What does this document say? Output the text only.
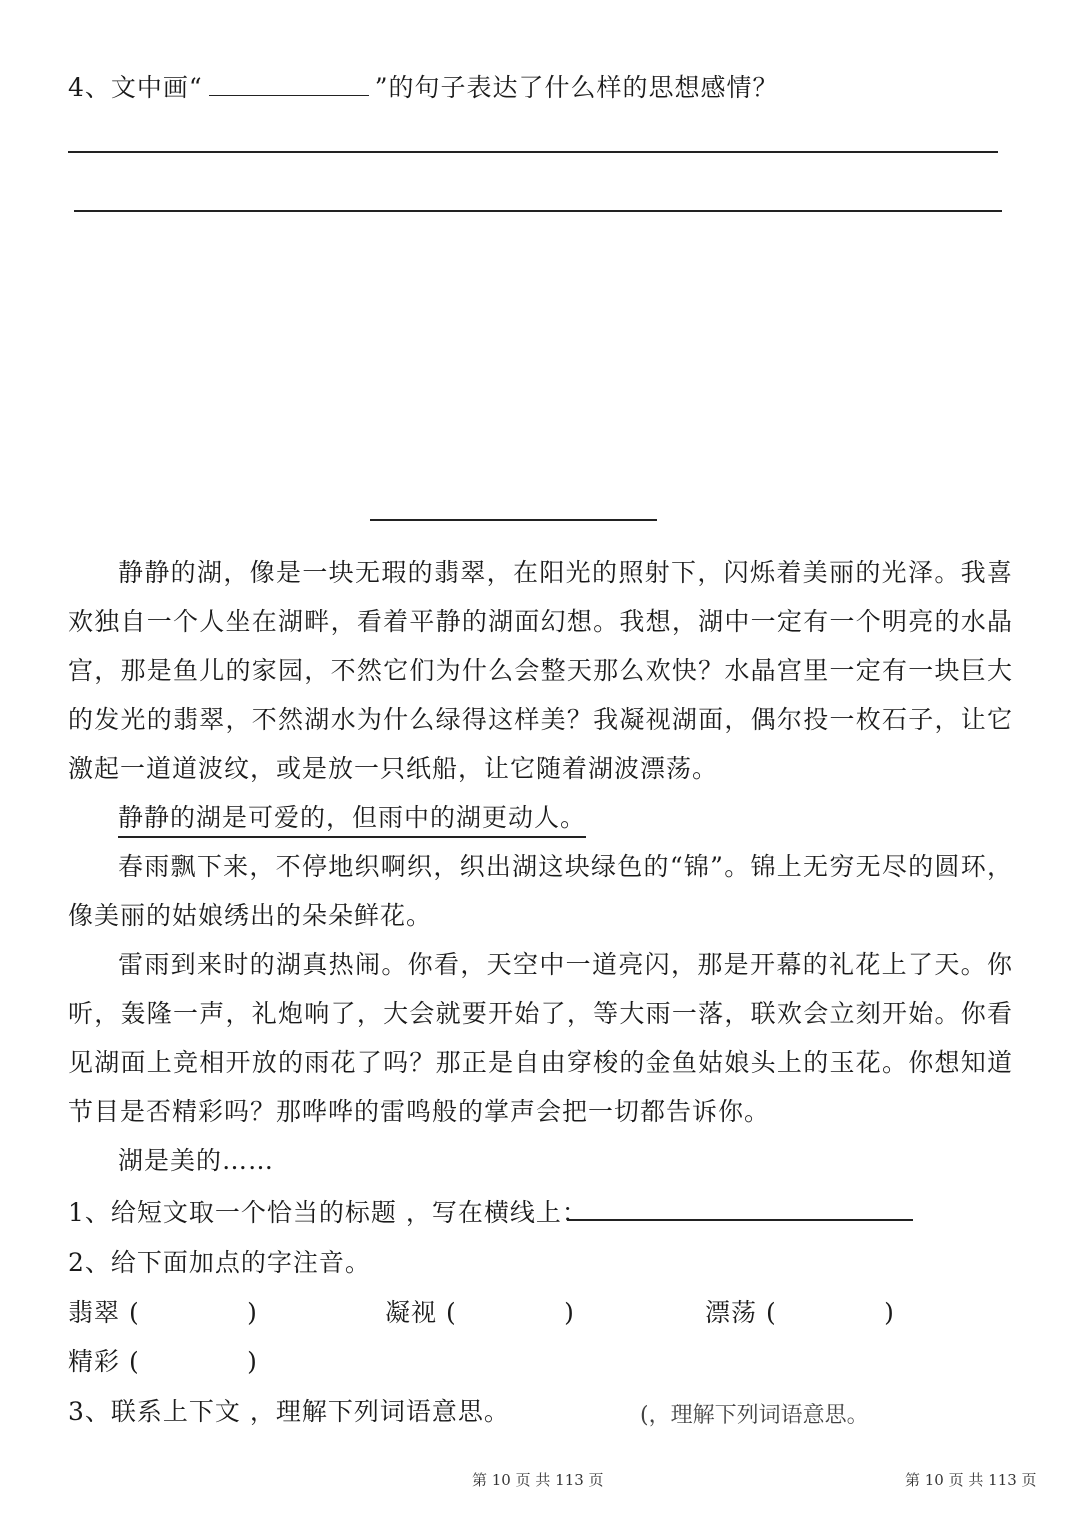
4、文中画“	”的句子表达了什么样的思想感情？
静静的湖，像是一块无瑕的翡翠，在阳光的照射下，闪烁着美丽的光泽。我喜欢独自一个人坐在湖畔，看着平静的湖面幻想。我想，湖中一定有一个明亮的水晶宫，那是鱼儿的家园，不然它们为什么会整天那么欢快？水晶宫里一定有一块巨大的发光的翡翠，不然湖水为什么绿得这样美？我凝视湖面，偶尔投一枚石子，让它激起一道道波纹，或是放一只纸船，让它随着湖波漂荡。
静静的湖是可爱的，但雨中的湖更动人。
春雨飘下来，不停地织啊织，织出湖这块绿色的“锦”。锦上无穷无尽的圆环，像美丽的姑娘绣出的朵朵鲜花。
雷雨到来时的湖真热闹。你看，天空中一道亮闪，那是开幕的礼花上了天。你听，轰隆一声，礼炮响了，大会就要开始了，等大雨一落，联欢会立刻开始。你看见湖面上竞相开放的雨花了吗？那正是自由穿梭的金鱼姑娘头上的玉花。你想知道节目是否精彩吗？那哗哗的雷鸣般的掌声会把一切都告诉你。
湖是美的……
1、给短文取一个恰当的标题 ，写在横线上：
2、给下面加点的字注音。
翡翠 (            )	凝视 (            )	漂荡 (            )
精彩 (            )
3、联系上下文 ，理解下列词语意思。	(，理解下列词语意思。
第 10 页 共 113 页	第 10 页 共 113 页
